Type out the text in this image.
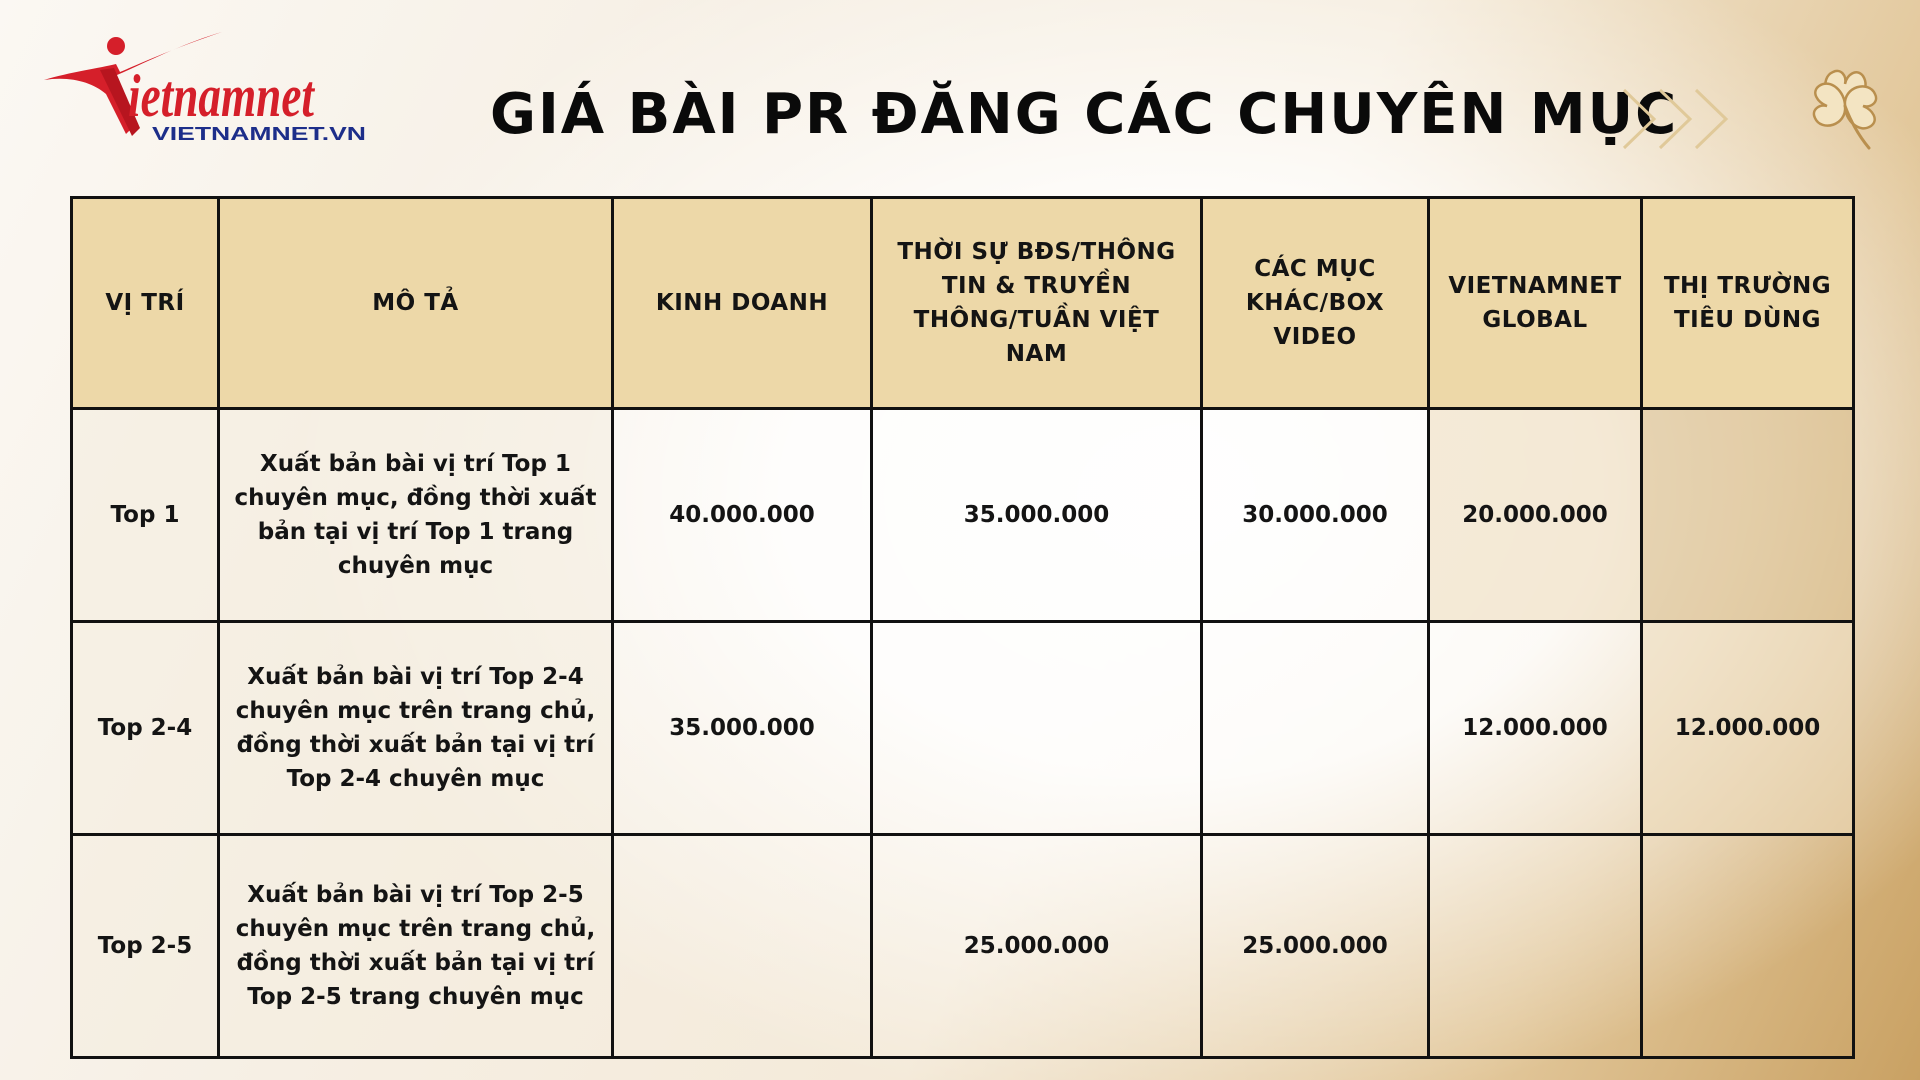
ietnamnet
VIETNAMNET.VN GIÁ BÀI PR ĐĂNG CÁC CHUYÊN MỤC
VỊ TRÍ	MÔ TẢ	KINH DOANH	THỜI SỰ BĐS/THÔNG TIN & TRUYỀN THÔNG/TUẦN VIỆT NAM	CÁC MỤC KHÁC/BOX VIDEO	VIETNAMNET GLOBAL	THỊ TRƯỜNG TIÊU DÙNG
Top 1	Xuất bản bài vị trí Top 1 chuyên mục, đồng thời xuất bản tại vị trí Top 1 trang chuyên mục	40.000.000	35.000.000	30.000.000	20.000.000	
Top 2-4	Xuất bản bài vị trí Top 2-4 chuyên mục trên trang chủ, đồng thời xuất bản tại vị trí Top 2-4 chuyên mục	35.000.000			12.000.000	12.000.000
Top 2-5	Xuất bản bài vị trí Top 2-5 chuyên mục trên trang chủ, đồng thời xuất bản tại vị trí Top 2-5 trang chuyên mục		25.000.000	25.000.000		
